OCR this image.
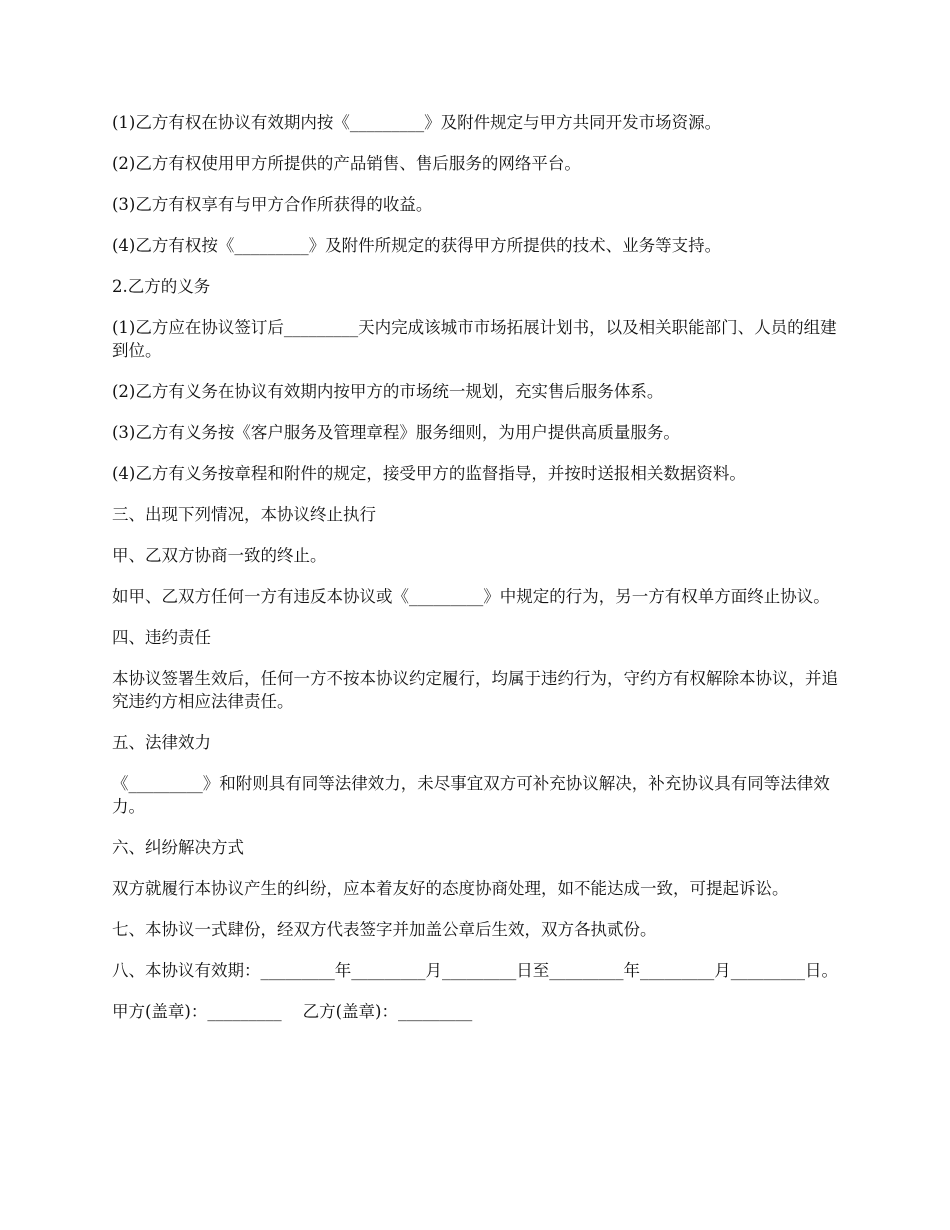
(1)乙方有权在协议有效期内按《_________》及附件规定与甲方共同开发市场资源。

(2)乙方有权使用甲方所提供的产品销售、售后服务的网络平台。

(3)乙方有权享有与甲方合作所获得的收益。

(4)乙方有权按《_________》及附件所规定的获得甲方所提供的技术、业务等支持。

2.乙方的义务

(1)乙方应在协议签订后_________天内完成该城市市场拓展计划书，以及相关职能部门、人员的组建到位。

(2)乙方有义务在协议有效期内按甲方的市场统一规划，充实售后服务体系。

(3)乙方有义务按《客户服务及管理章程》服务细则，为用户提供高质量服务。

(4)乙方有义务按章程和附件的规定，接受甲方的监督指导，并按时送报相关数据资料。

三、出现下列情况，本协议终止执行

甲、乙双方协商一致的终止。

如甲、乙双方任何一方有违反本协议或《_________》中规定的行为，另一方有权单方面终止协议。

四、违约责任

本协议签署生效后，任何一方不按本协议约定履行，均属于违约行为，守约方有权解除本协议，并追究违约方相应法律责任。

五、法律效力

《_________》和附则具有同等法律效力，未尽事宜双方可补充协议解决，补充协议具有同等法律效力。

六、纠纷解决方式

双方就履行本协议产生的纠纷，应本着友好的态度协商处理，如不能达成一致，可提起诉讼。

七、本协议一式肆份，经双方代表签字并加盖公章后生效，双方各执贰份。

八、本协议有效期：_________年_________月_________日至_________年_________月_________日。

甲方(盖章)：_________    乙方(盖章)：_________
